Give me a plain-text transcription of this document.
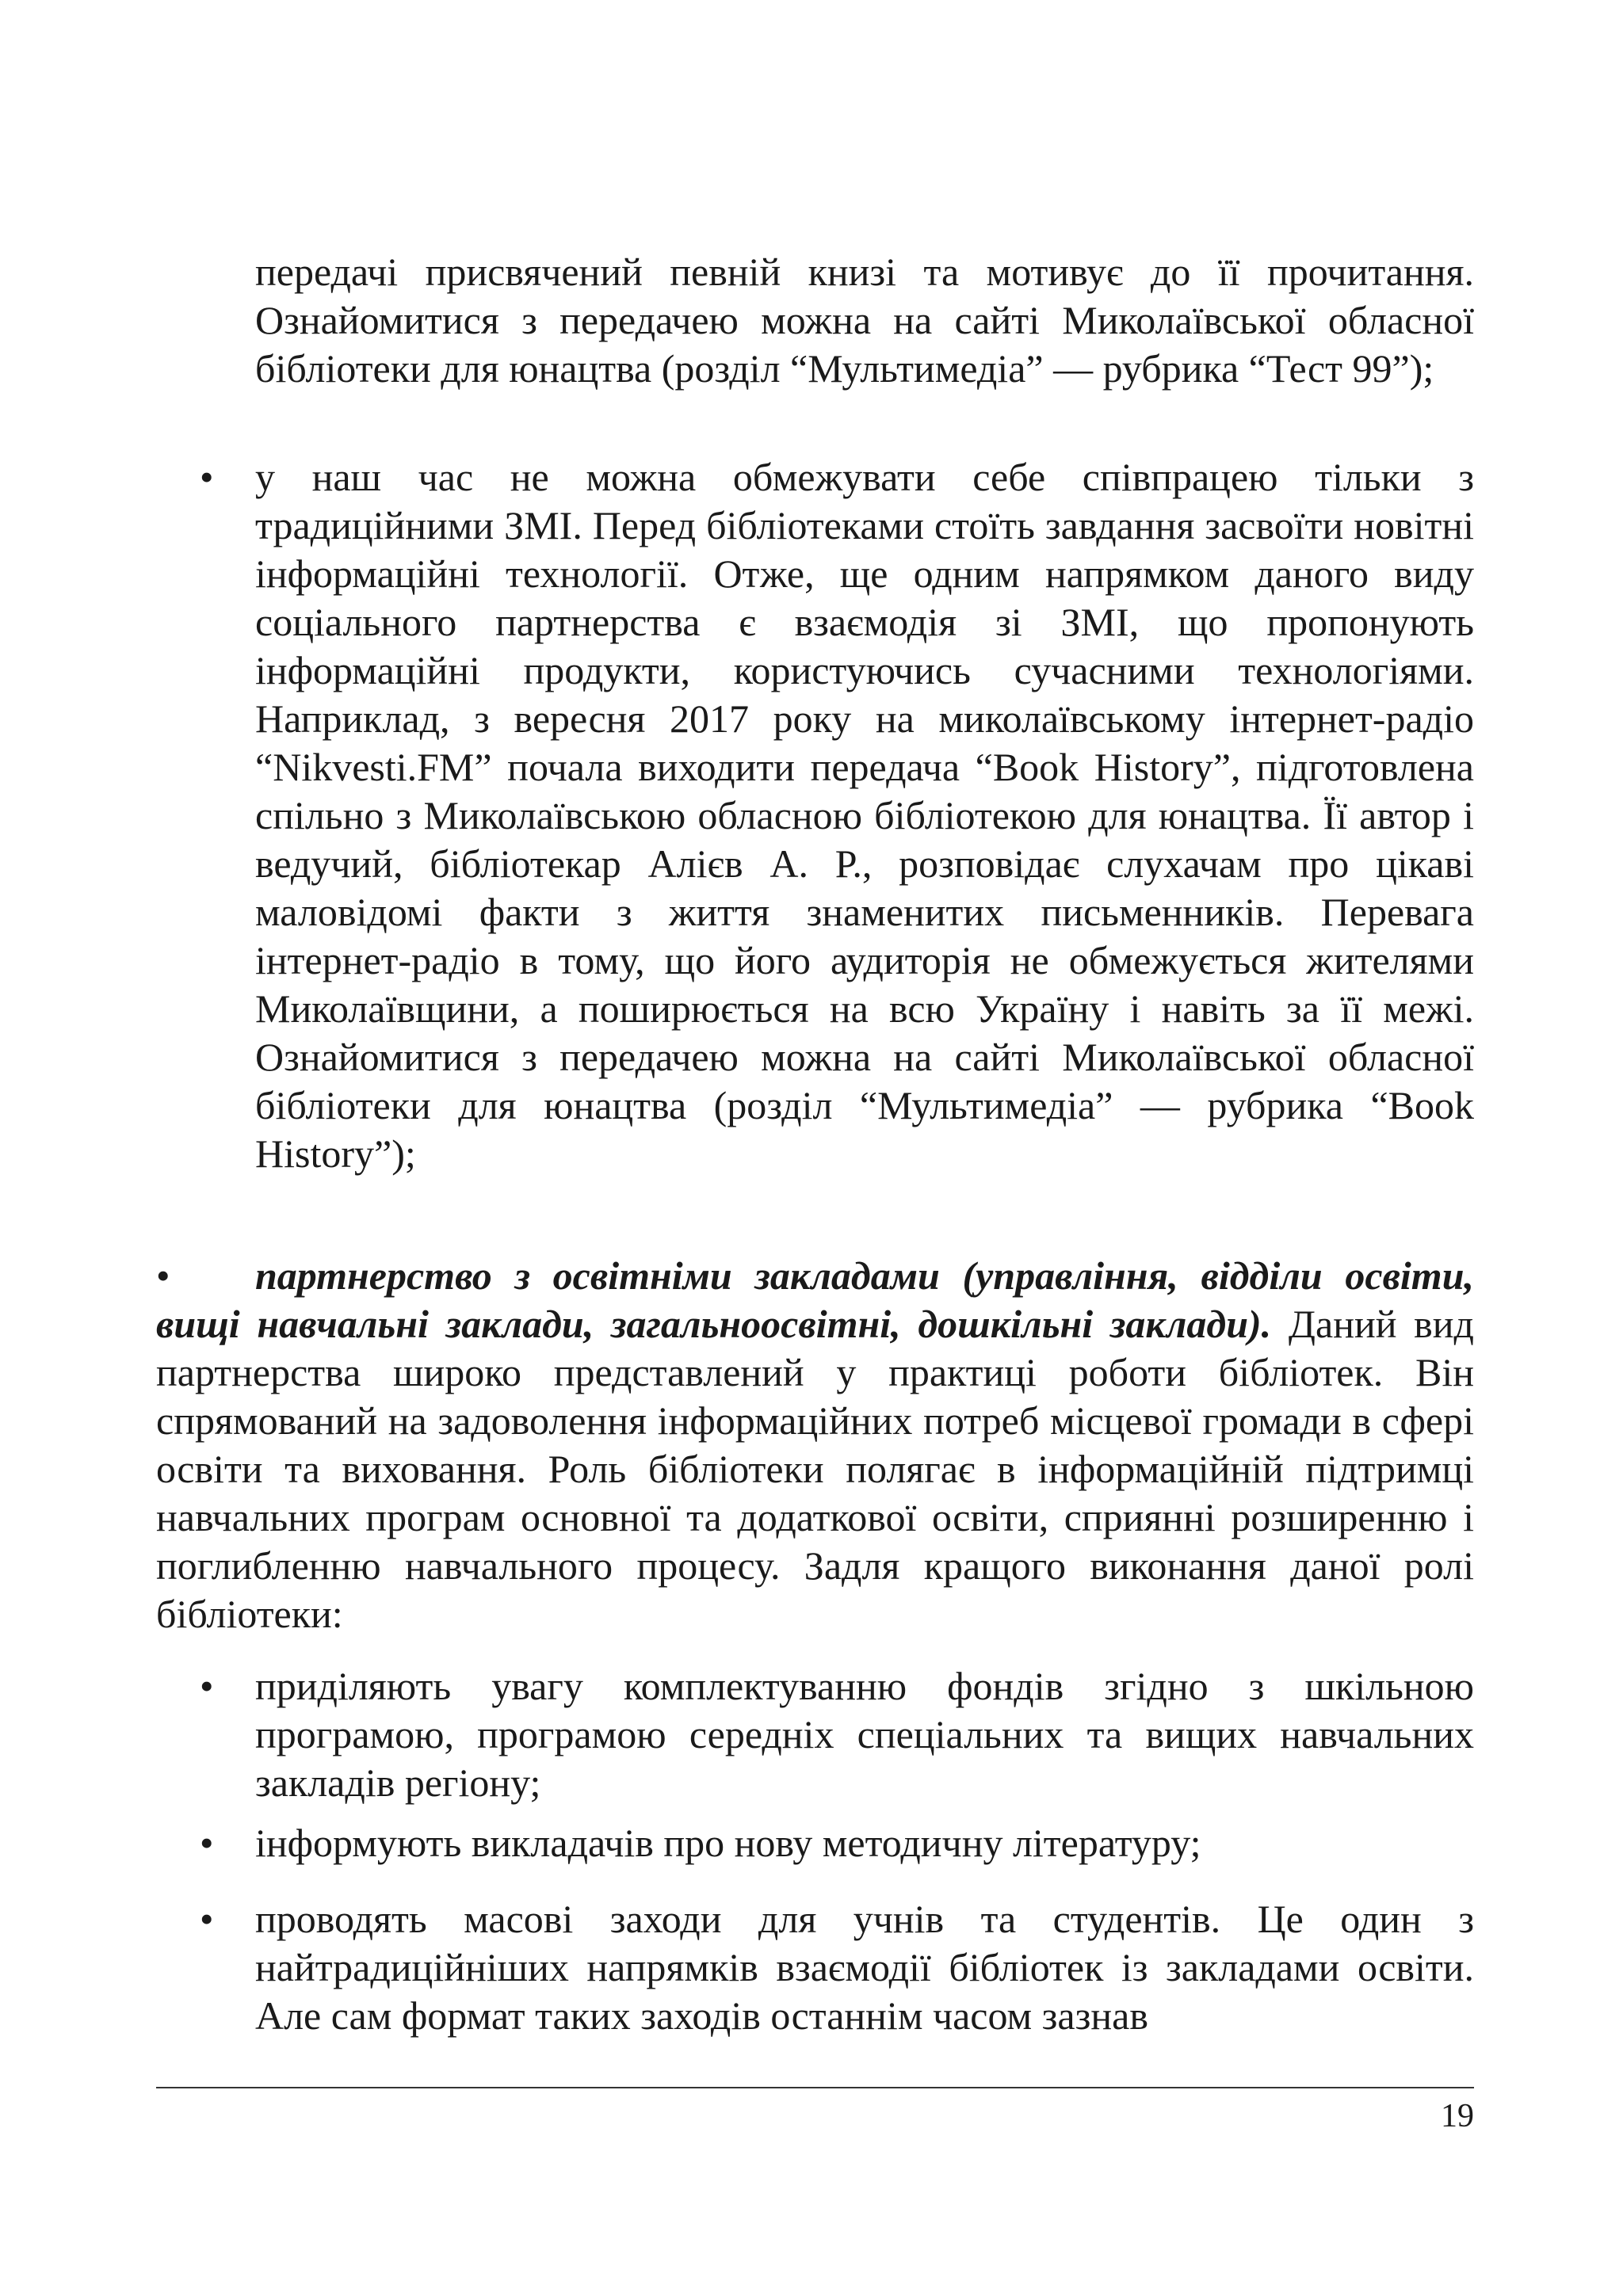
передачі присвячений певній книзі та мотивує до її прочитання. Ознайомитися з передачею можна на сайті Миколаївської обласної бібліотеки для юнацтва (розділ “Мультимедіа” — рубрика “Тест 99”);
• у наш час не можна обмежувати себе співпрацею тільки з традиційними ЗМІ. Перед бібліотеками стоїть завдання засвоїти новітні інформаційні технології. Отже, ще одним напрямком даного виду соціального партнерства є взаємодія зі ЗМІ, що пропонують інформаційні продукти, користуючись сучасними технологіями. Наприклад, з вересня 2017 року на миколаївському інтернет-радіо “Nikvesti.FM” почала виходити передача “Book History”, підготовлена спільно з Миколаївською обласною бібліотекою для юнацтва. Її автор і ведучий, бібліотекар Алієв А. Р., розповідає слухачам про цікаві маловідомі факти з життя знаменитих письменників. Перевага інтернет-радіо в тому, що його аудиторія не обмежується жителями Миколаївщини, а поширюється на всю Україну і навіть за її межі. Ознайомитися з передачею можна на сайті Миколаївської обласної бібліотеки для юнацтва (розділ “Мультимедіа” — рубрика “Book History”);
•	партнерство з освітніми закладами (управління, відділи освіти, вищі навчальні заклади, загальноосвітні, дошкільні заклади). Даний вид партнерства широко представлений у практиці роботи бібліотек. Він спрямований на задоволення інформаційних потреб місцевої громади в сфері освіти та виховання. Роль бібліотеки полягає в інформаційній підтримці навчальних програм основної та додаткової освіти, сприянні розширенню і поглибленню навчального процесу. Задля кращого виконання даної ролі бібліотеки:
• приділяють увагу комплектуванню фондів згідно з шкільною програмою, програмою середніх спеціальних та вищих навчальних закладів регіону;
• інформують викладачів про нову методичну літературу;
• проводять масові заходи для учнів та студентів. Це один з найтрадиційніших напрямків взаємодії бібліотек із закладами освіти. Але сам формат таких заходів останнім часом зазнав
19
